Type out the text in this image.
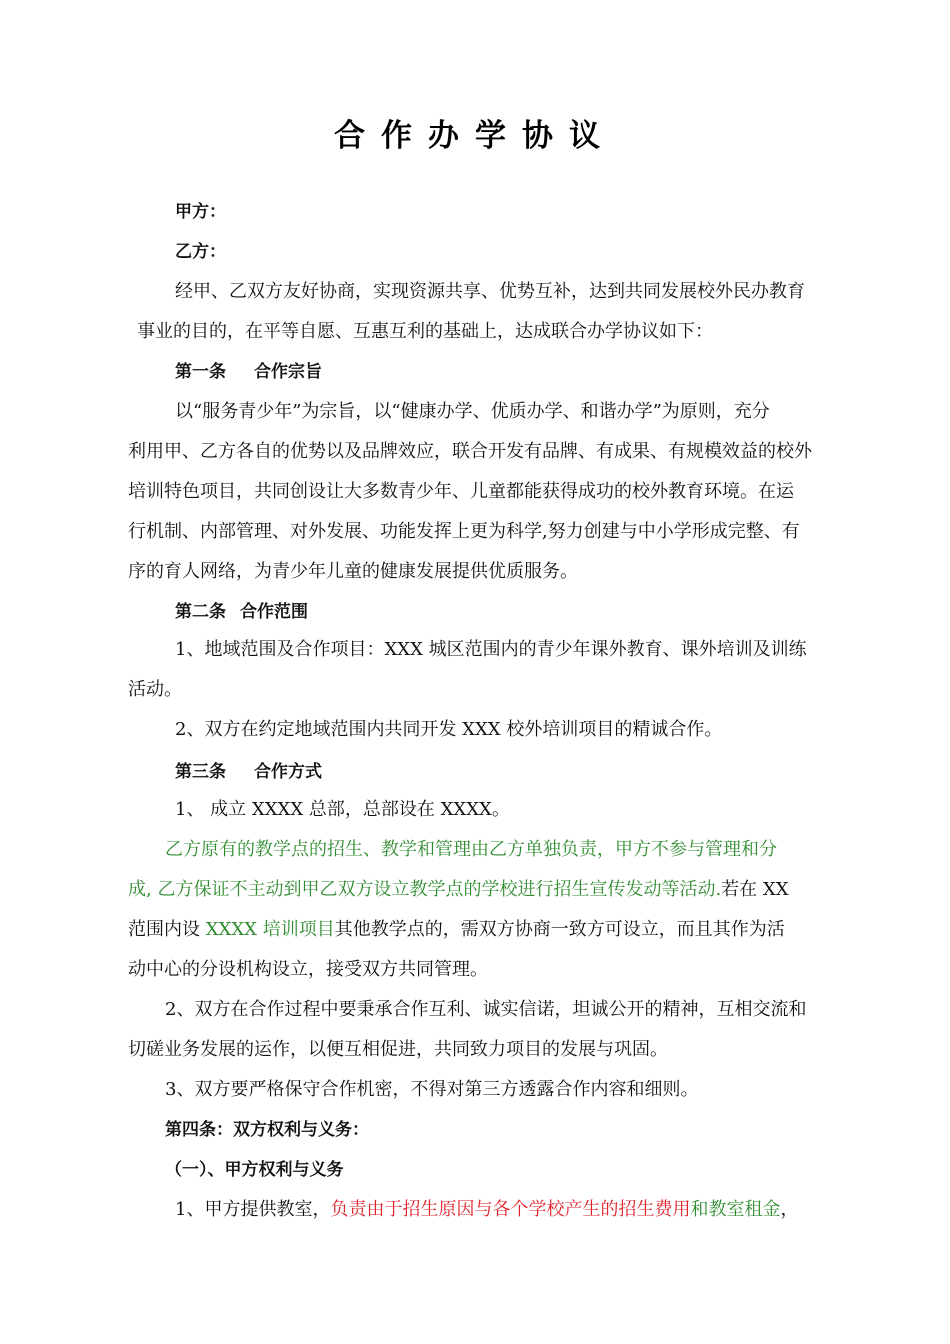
合作办学协议
甲方：
乙方：
经甲、乙双方友好协商，实现资源共享、优势互补，达到共同发展校外民办教育
事业的目的，在平等自愿、互惠互利的基础上，达成联合办学协议如下：
第一条 合作宗旨
以“服务青少年”为宗旨，以“健康办学、优质办学、和谐办学”为原则，充分
利用甲、乙方各自的优势以及品牌效应，联合开发有品牌、有成果、有规模效益的校外
培训特色项目，共同创设让大多数青少年、儿童都能获得成功的校外教育环境。在运
行机制、内部管理、对外发展、功能发挥上更为科学,努力创建与中小学形成完整、有
序的育人网络，为青少年儿童的健康发展提供优质服务。
第二条 合作范围
1、地域范围及合作项目：XXX 城区范围内的青少年课外教育、课外培训及训练
活动。
2、双方在约定地域范围内共同开发 XXX 校外培训项目的精诚合作。
第三条 合作方式
1、 成立 XXXX 总部，总部设在 XXXX。
乙方原有的教学点的招生、教学和管理由乙方单独负责，甲方不参与管理和分
成, 乙方保证不主动到甲乙双方设立教学点的学校进行招生宣传发动等活动.若在 XX
范围内设 XXXX 培训项目其他教学点的，需双方协商一致方可设立，而且其作为活
动中心的分设机构设立，接受双方共同管理。
2、双方在合作过程中要秉承合作互利、诚实信诺，坦诚公开的精神，互相交流和
切磋业务发展的运作，以便互相促进，共同致力项目的发展与巩固。
3、双方要严格保守合作机密，不得对第三方透露合作内容和细则。
第四条：双方权利与义务：
（一）、甲方权利与义务
1、甲方提供教室，负责由于招生原因与各个学校产生的招生费用和教室租金，
